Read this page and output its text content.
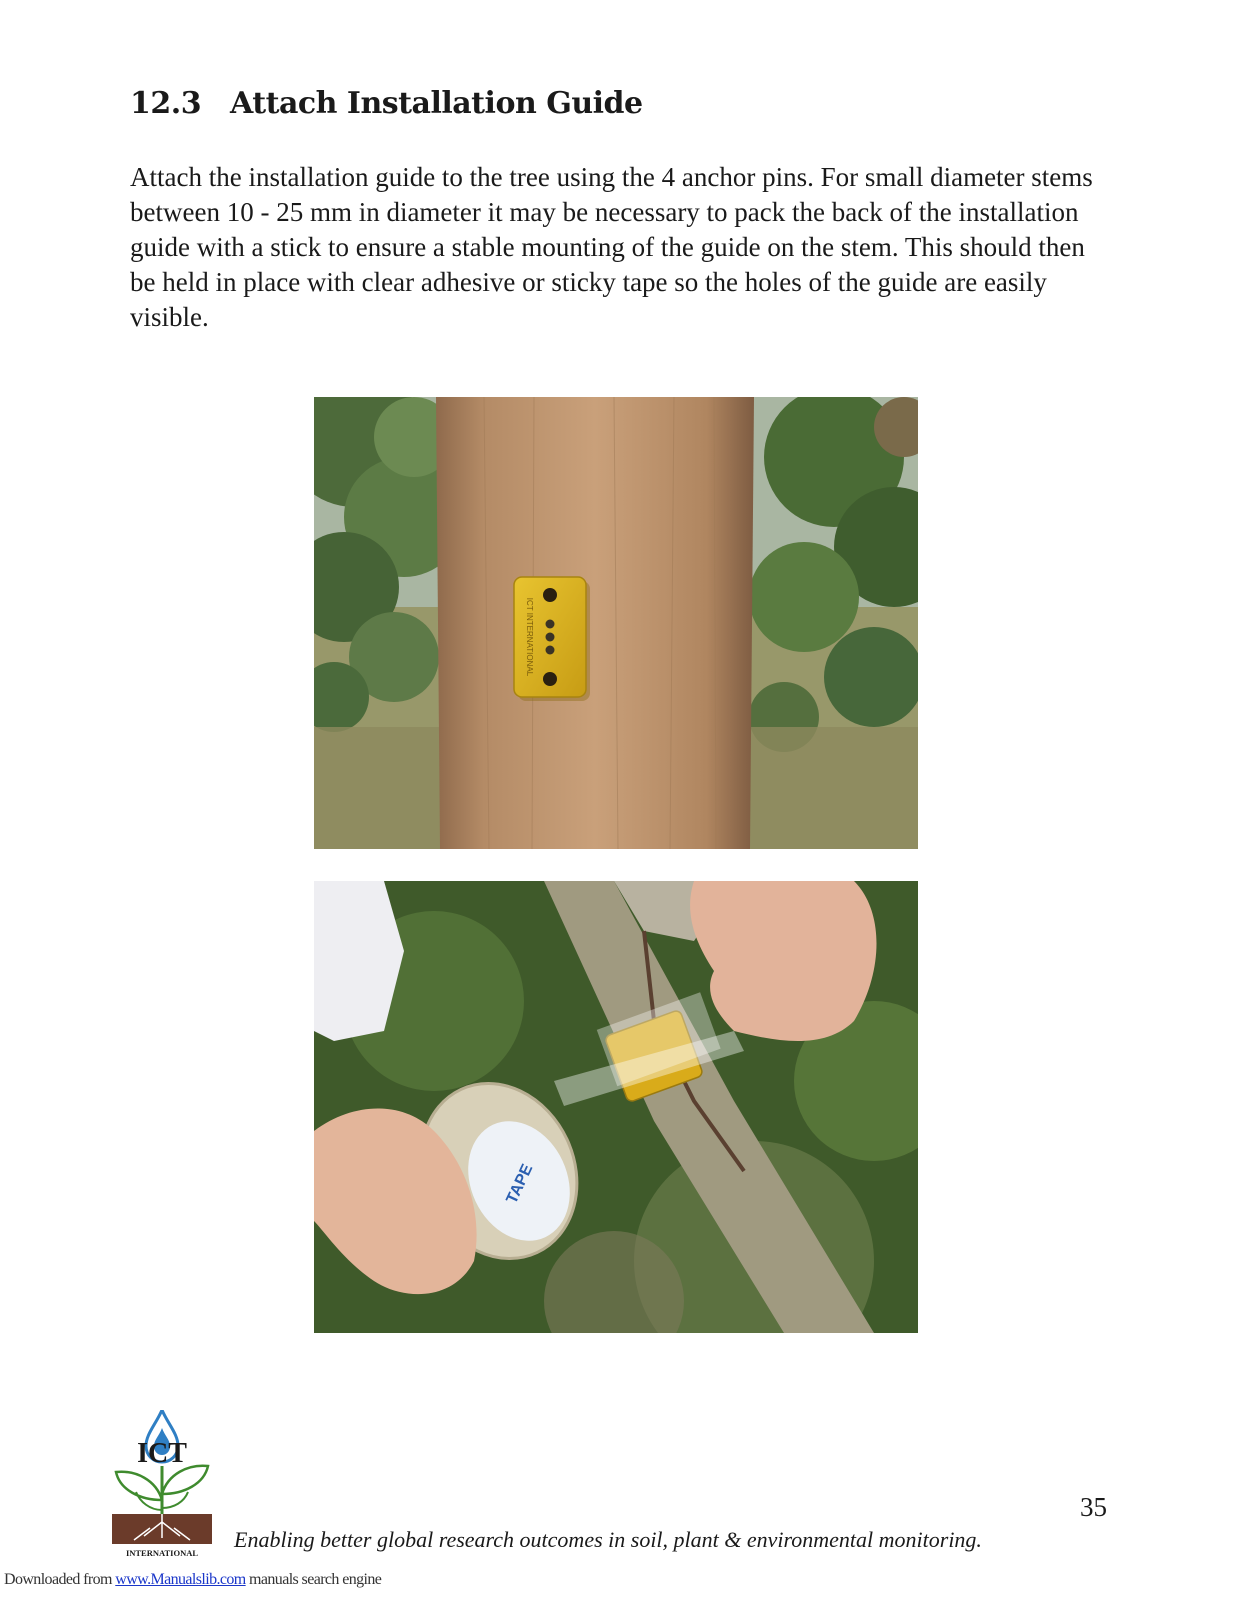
12.3 Attach Installation Guide
Attach the installation guide to the tree using the 4 anchor pins. For small diameter stems between 10 - 25 mm in diameter it may be necessary to pack the back of the installation guide with a stick to ensure a stable mounting of the guide on the stem. This should then be held in place with clear adhesive or sticky tape so the holes of the guide are easily visible.
ICT INTERNATIONAL
TAPE
ICT
INTERNATIONAL
35
Enabling better global research outcomes in soil, plant & environmental monitoring.
Downloaded from www.Manualslib.com manuals search engine
